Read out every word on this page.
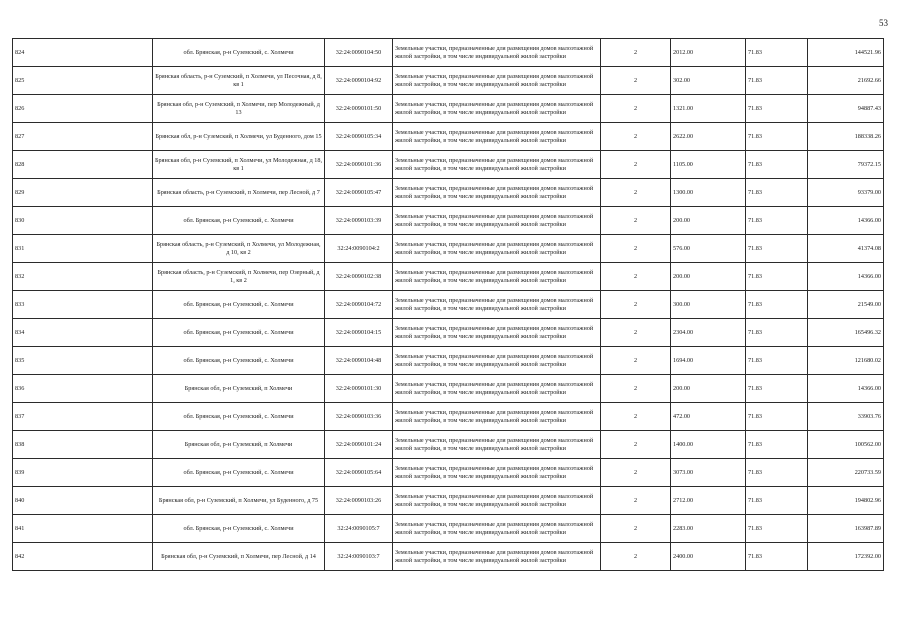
53
824	обл. Брянская, р-н Суземский, с. Холмечи	32:24:0090104:50	Земельные участки, предназначенные для размещения домов малоэтажной жилой застройки, в том числе индивидуальной жилой застройки	2	2012.00	71.83	144521.96
825	Брянская область, р-н Суземский, п Холмечи, ул Песочная, д 8, кв 1	32:24:0090104:92	Земельные участки, предназначенные для размещения домов малоэтажной жилой застройки, в том числе индивидуальной жилой застройки	2	302.00	71.83	21692.66
826	Брянская обл, р-н Суземский, п Холмечи, пер Молодежный, д 13	32:24:0090101:50	Земельные участки, предназначенные для размещения домов малоэтажной жилой застройки, в том числе индивидуальной жилой застройки	2	1321.00	71.83	94887.43
827	Брянская обл, р-н Суземский, п Холмечи, ул Буденного, дом 15	32:24:0090105:34	Земельные участки, предназначенные для размещения домов малоэтажной жилой застройки, в том числе индивидуальной жилой застройки	2	2622.00	71.83	188338.26
828	Брянская обл, р-н Суземский, п Холмечи, ул Молодежная, д 18, кв 1	32:24:0090101:36	Земельные участки, предназначенные для размещения домов малоэтажной жилой застройки, в том числе индивидуальной жилой застройки	2	1105.00	71.83	79372.15
829	Брянская область, р-н Суземский, п Холмечи, пер Лесной, д 7	32:24:0090105:47	Земельные участки, предназначенные для размещения домов малоэтажной жилой застройки, в том числе индивидуальной жилой застройки	2	1300.00	71.83	93379.00
830	обл. Брянская, р-н Суземский, с. Холмечи	32:24:0090103:39	Земельные участки, предназначенные для размещения домов малоэтажной жилой застройки, в том числе индивидуальной жилой застройки	2	200.00	71.83	14366.00
831	Брянская область, р-н Суземский, п Холмечи, ул Молодежная, д 10, кв 2	32:24:0090104:2	Земельные участки, предназначенные для размещения домов малоэтажной жилой застройки, в том числе индивидуальной жилой застройки	2	576.00	71.83	41374.08
832	Брянская область, р-н Суземский, п Холмечи, пер Озерный, д 1, кв 2	32:24:0090102:38	Земельные участки, предназначенные для размещения домов малоэтажной жилой застройки, в том числе индивидуальной жилой застройки	2	200.00	71.83	14366.00
833	обл. Брянская, р-н Суземский, с. Холмечи	32:24:0090104:72	Земельные участки, предназначенные для размещения домов малоэтажной жилой застройки, в том числе индивидуальной жилой застройки	2	300.00	71.83	21549.00
834	обл. Брянская, р-н Суземский, с. Холмечи	32:24:0090104:15	Земельные участки, предназначенные для размещения домов малоэтажной жилой застройки, в том числе индивидуальной жилой застройки	2	2304.00	71.83	165496.32
835	обл. Брянская, р-н Суземский, с. Холмечи	32:24:0090104:48	Земельные участки, предназначенные для размещения домов малоэтажной жилой застройки, в том числе индивидуальной жилой застройки	2	1694.00	71.83	121680.02
836	Брянская обл, р-н Суземский, п Холмечи	32:24:0090101:30	Земельные участки, предназначенные для размещения домов малоэтажной жилой застройки, в том числе индивидуальной жилой застройки	2	200.00	71.83	14366.00
837	обл. Брянская, р-н Суземский, с. Холмечи	32:24:0090103:36	Земельные участки, предназначенные для размещения домов малоэтажной жилой застройки, в том числе индивидуальной жилой застройки	2	472.00	71.83	33903.76
838	Брянская обл, р-н Суземский, п Холмечи	32:24:0090101:24	Земельные участки, предназначенные для размещения домов малоэтажной жилой застройки, в том числе индивидуальной жилой застройки	2	1400.00	71.83	100562.00
839	обл. Брянская, р-н Суземский, с. Холмечи	32:24:0090105:64	Земельные участки, предназначенные для размещения домов малоэтажной жилой застройки, в том числе индивидуальной жилой застройки	2	3073.00	71.83	220733.59
840	Брянская обл, р-н Суземский, п Холмечи, ул Буденного, д 75	32:24:0090103:26	Земельные участки, предназначенные для размещения домов малоэтажной жилой застройки, в том числе индивидуальной жилой застройки	2	2712.00	71.83	194802.96
841	обл. Брянская, р-н Суземский, с. Холмечи	32:24:0090105:7	Земельные участки, предназначенные для размещения домов малоэтажной жилой застройки, в том числе индивидуальной жилой застройки	2	2283.00	71.83	163987.89
842	Брянская обл, р-н Суземский, п Холмечи, пер Лесной, д 14	32:24:0090103:7	Земельные участки, предназначенные для размещения домов малоэтажной жилой застройки, в том числе индивидуальной жилой застройки	2	2400.00	71.83	172392.00
